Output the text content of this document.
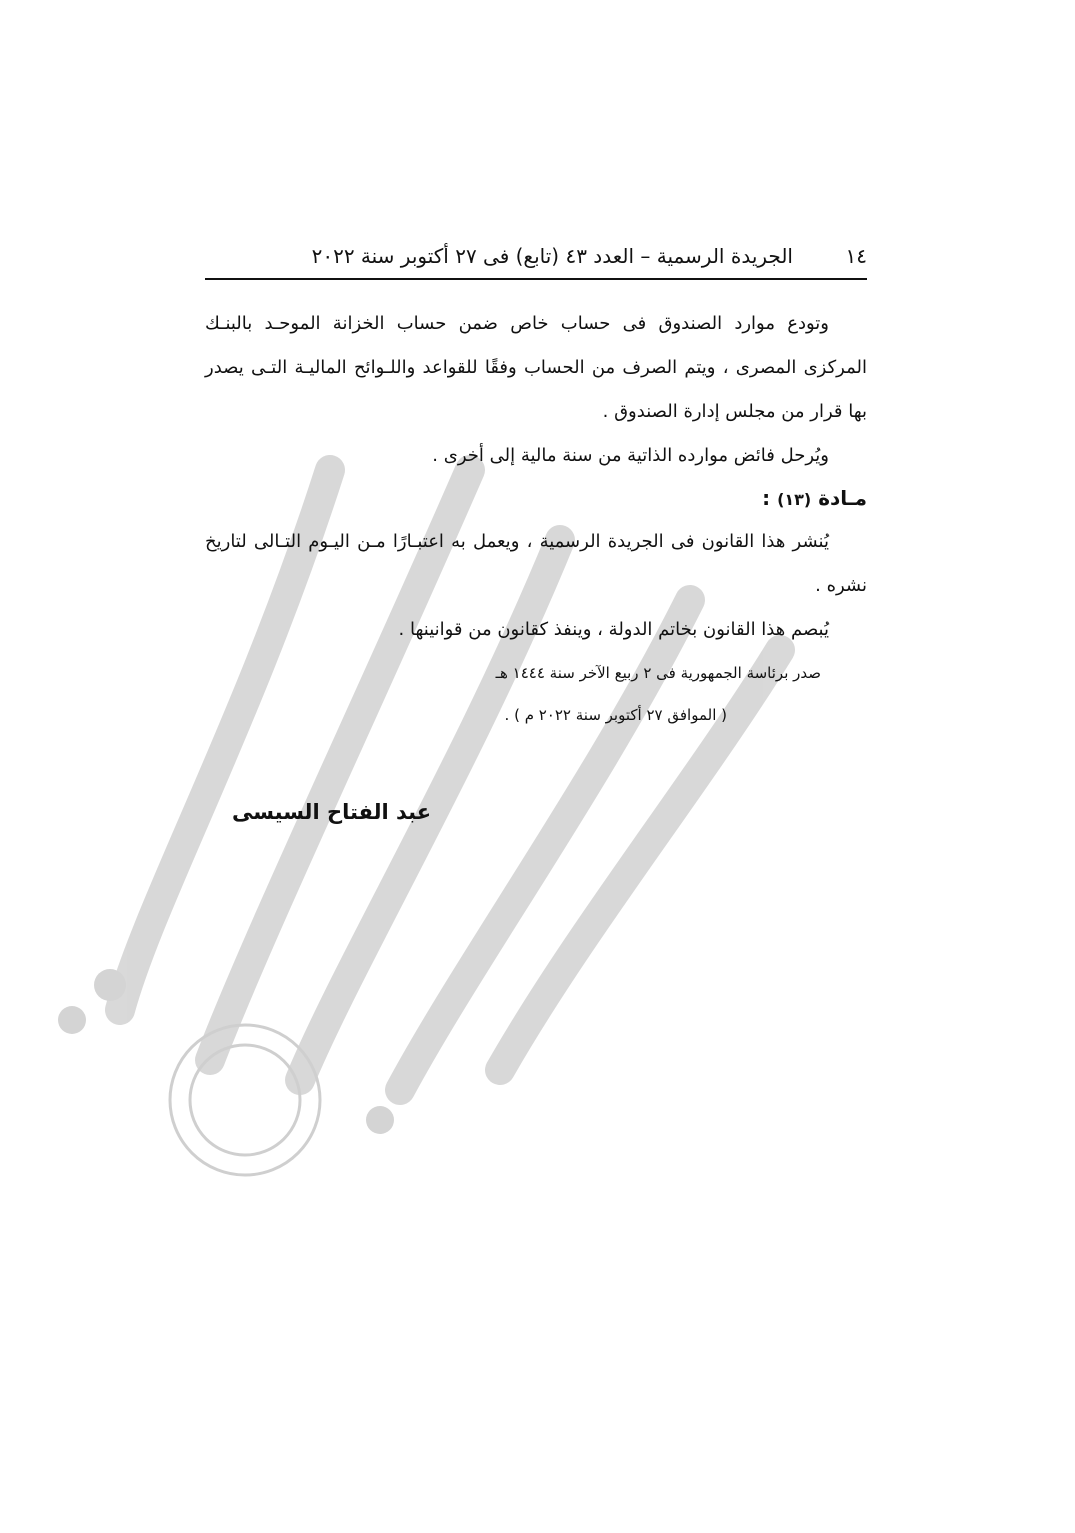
١٤
الجريدة الرسمية – العدد ٤٣ (تابع) فى ٢٧ أكتوبر سنة ٢٠٢٢

وتودع موارد الصندوق فى حساب خاص ضمن حساب الخزانة الموحـد بالبنـك المركزى المصرى ، ويتم الصرف من الحساب وفقًا للقواعد واللـوائح الماليـة التـى يصدر بها قرار من مجلس إدارة الصندوق .

ويُرحل فائض موارده الذاتية من سنة مالية إلى أخرى .

مـادة (١٣) :

يُنشر هذا القانون فى الجريدة الرسمية ، ويعمل به اعتبـارًا مـن اليـوم التـالى لتاريخ نشره .

يُبصم هذا القانون بخاتم الدولة ، وينفذ كقانون من قوانينها .

صدر برئاسة الجمهورية فى ٢ ربيع الآخر سنة ١٤٤٤ هـ

( الموافق ٢٧ أكتوبر سنة ٢٠٢٢ م ) .

عبد الفتاح السيسى
